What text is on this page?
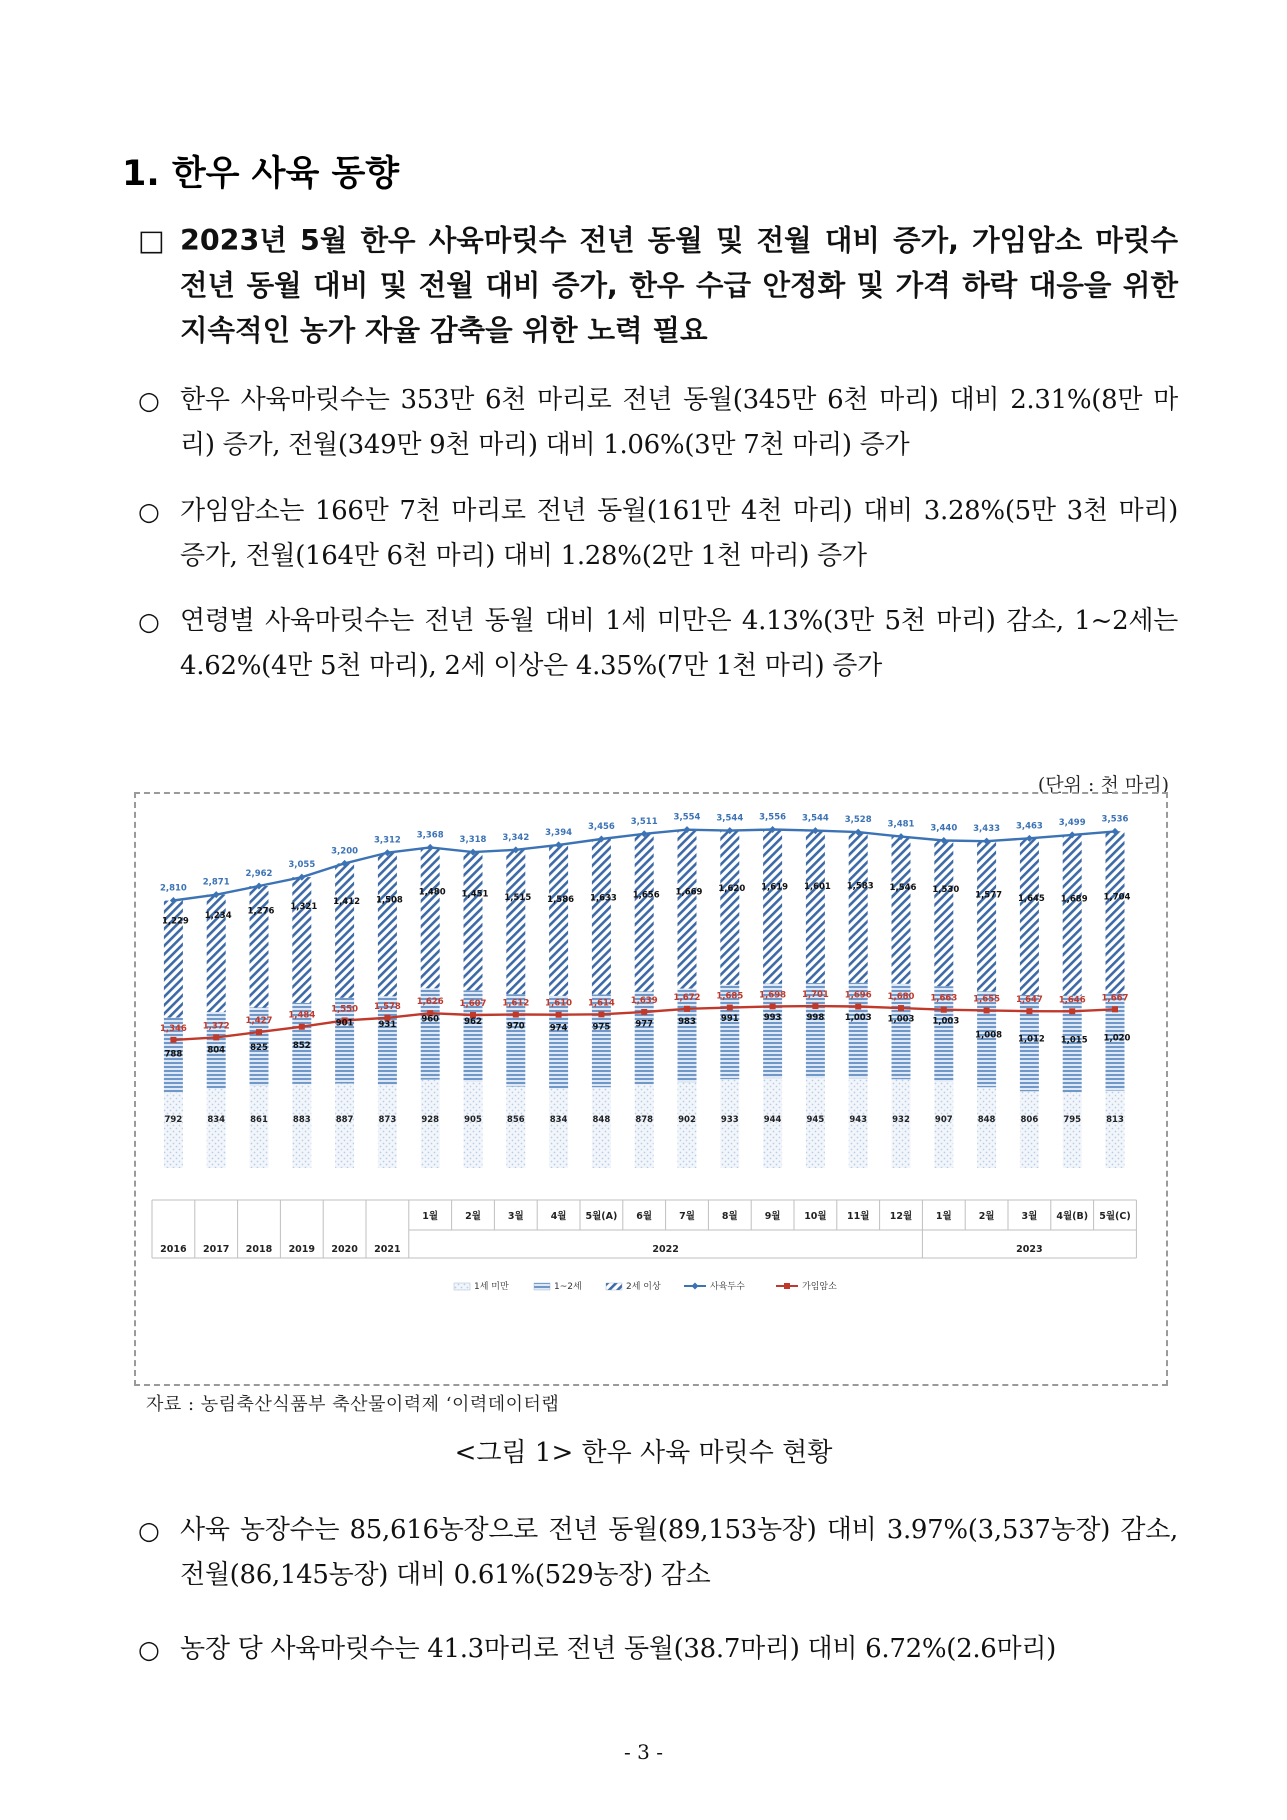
1. 한우 사육 동향
□ 2023년 5월 한우 사육마릿수 전년 동월 및 전월 대비 증가, 가임암소 마릿수 전년 동월 대비 및 전월 대비 증가, 한우 수급 안정화 및 가격 하락 대응을 위한 지속적인 농가 자율 감축을 위한 노력 필요
○ 한우 사육마릿수는 353만 6천 마리로 전년 동월(345만 6천 마리) 대비 2.31%(8만 마리) 증가, 전월(349만 9천 마리) 대비 1.06%(3만 7천 마리) 증가
○ 가임암소는 166만 7천 마리로 전년 동월(161만 4천 마리) 대비 3.28%(5만 3천 마리) 증가, 전월(164만 6천 마리) 대비 1.28%(2만 1천 마리) 증가
○ 연령별 사육마릿수는 전년 동월 대비 1세 미만은 4.13%(3만 5천 마리) 감소, 1~2세는 4.62%(4만 5천 마리), 2세 이상은 4.35%(7만 1천 마리) 증가
(단위 : 천 마리)
792
788
1,229
834
804
1,234
861
825
1,276
883
852
1,321
887
901
1,412
873
931
1,508
928
960
1,480
905
962
1,451
856
970
1,515
834
974
1,586
848
975
1,633
878
977
1,656
902
983
1,669
933
991
1,620
944
993
1,619
945
998
1,601
943
1,003
1,583
932
1,003
1,546
907
1,003
1,530
848
1,008
1,577
806
1,012
1,645
795
1,015
1,689
813
1,020
1,704
2,810
2,871
2,962
3,055
3,200
3,312
3,368 3,318 3,342 3,394
3,456
3,511 3,554 3,544 3,556 3,544 3,528 3,481 3,440 3,433 3,463 3,499 3,536
1,346 1,372
1,427
1,484
1,550 1,578 1,626 1,607 1,612 1,610 1,614 1,639 1,672 1,685 1,698 1,701 1,696 1,680 1,663 1,655 1,647 1,646 1,667
2016 2017 2018 2019 2020 2021
1월	2월	3월	4월 5월(A) 6월	7월	8월	9월 10월 11월 12월 1월	2월	3월 4월(B) 5월(C)
2022	2023
1세 미만	1~2세	2세 이상	사육두수	가임암소
자료 : 농림축산식품부 축산물이력제 ‘이력데이터랩
<그림 1> 한우 사육 마릿수 현황
○ 사육 농장수는 85,616농장으로 전년 동월(89,153농장) 대비 3.97%(3,537농장) 감소, 전월(86,145농장) 대비 0.61%(529농장) 감소
○ 농장 당 사육마릿수는 41.3마리로 전년 동월(38.7마리) 대비 6.72%(2.6마리)
- 3 -
